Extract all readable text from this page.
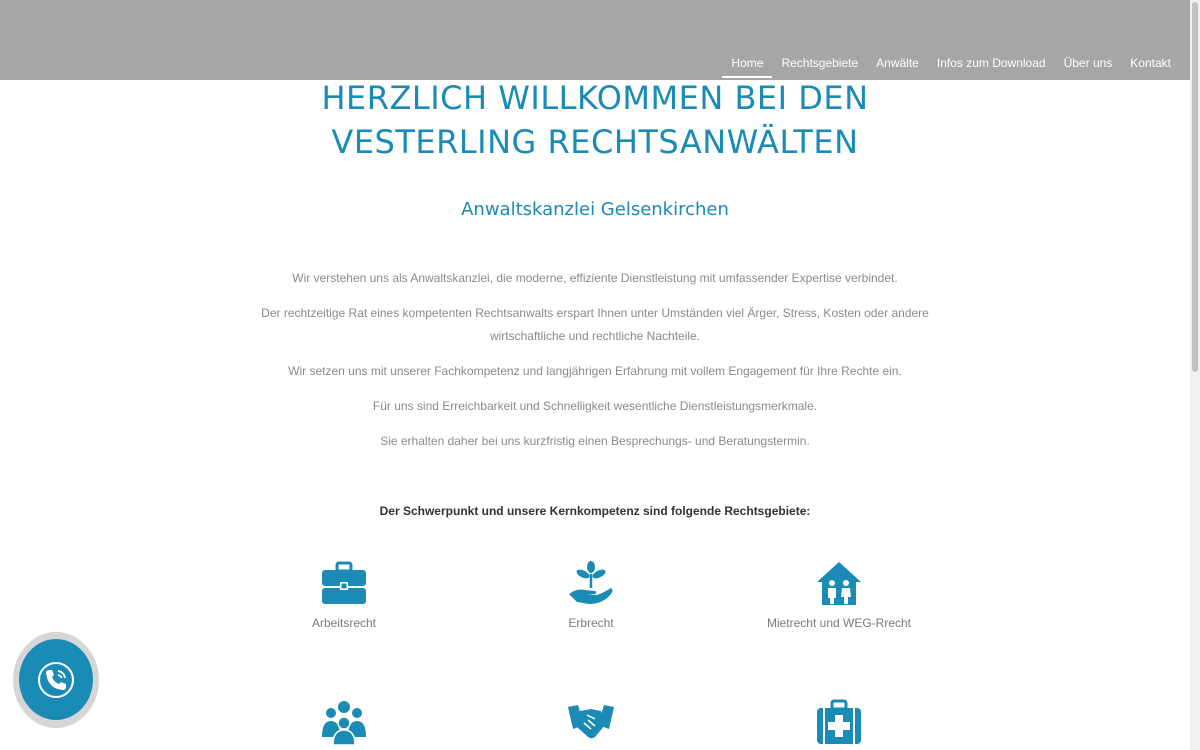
Home	Rechtsgebiete	Anwälte	Infos zum Download	Über uns	Kontakt
HERZLICH WILLKOMMEN BEI DEN
VESTERLING RECHTSANWÄLTEN
Anwaltskanzlei Gelsenkirchen

Wir verstehen uns als Anwaltskanzlei, die moderne, effiziente Dienstleistung mit umfassender Expertise verbindet.

Der rechtzeitige Rat eines kompetenten Rechtsanwalts erspart Ihnen unter Umständen viel Ärger, Stress, Kosten oder andere wirtschaftliche und rechtliche Nachteile.

Wir setzen uns mit unserer Fachkompetenz und langjährigen Erfahrung mit vollem Engagement für Ihre Rechte ein.

Für uns sind Erreichbarkeit und Schnelligkeit wesentliche Dienstleistungsmerkmale.

Sie erhalten daher bei uns kurzfristig einen Besprechungs- und Beratungstermin.

Der Schwerpunkt und unsere Kernkompetenz sind folgende Rechtsgebiete:

Arbeitsrecht	Erbrecht	Mietrecht und WEG-Rrecht
